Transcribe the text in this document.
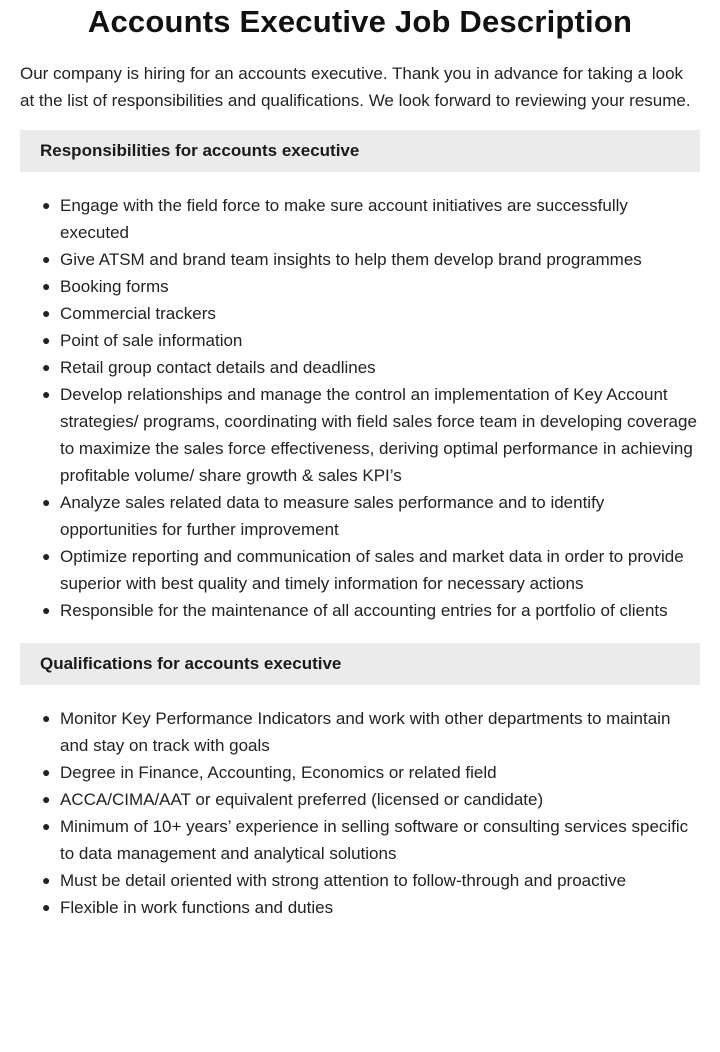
Accounts Executive Job Description

Our company is hiring for an accounts executive. Thank you in advance for taking a look at the list of responsibilities and qualifications. We look forward to reviewing your resume.

Responsibilities for accounts executive
● Engage with the field force to make sure account initiatives are successfully executed
● Give ATSM and brand team insights to help them develop brand programmes
● Booking forms
● Commercial trackers
● Point of sale information
● Retail group contact details and deadlines
● Develop relationships and manage the control an implementation of Key Account strategies/ programs, coordinating with field sales force team in developing coverage to maximize the sales force effectiveness, deriving optimal performance in achieving profitable volume/ share growth & sales KPI’s
● Analyze sales related data to measure sales performance and to identify opportunities for further improvement
● Optimize reporting and communication of sales and market data in order to provide superior with best quality and timely information for necessary actions
● Responsible for the maintenance of all accounting entries for a portfolio of clients
Qualifications for accounts executive
● Monitor Key Performance Indicators and work with other departments to maintain and stay on track with goals
● Degree in Finance, Accounting, Economics or related field
● ACCA/CIMA/AAT or equivalent preferred (licensed or candidate)
● Minimum of 10+ years’ experience in selling software or consulting services specific to data management and analytical solutions
● Must be detail oriented with strong attention to follow-through and proactive
● Flexible in work functions and duties
